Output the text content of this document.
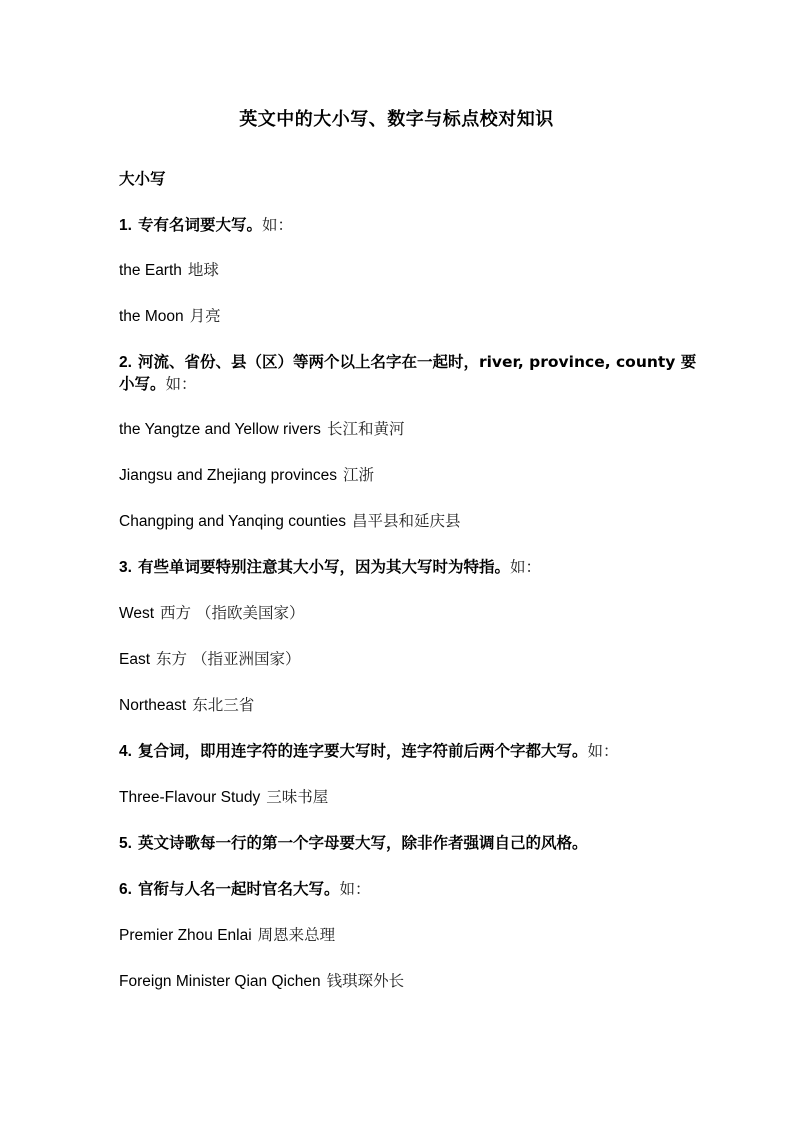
英文中的大小写、数字与标点校对知识
大小写
1. 专有名词要大写。如：
the Earth 地球
the Moon 月亮
2. 河流、省份、县（区）等两个以上名字在一起时，river, province, county 要
小写。如：
the Yangtze and Yellow rivers 长江和黄河
Jiangsu and Zhejiang provinces 江浙
Changping and Yanqing counties 昌平县和延庆县
3. 有些单词要特别注意其大小写，因为其大写时为特指。如：
West 西方 （指欧美国家）
East 东方 （指亚洲国家）
Northeast 东北三省
4. 复合词，即用连字符的连字要大写时，连字符前后两个字都大写。如：
Three-Flavour Study 三味书屋
5. 英文诗歌每一行的第一个字母要大写，除非作者强调自己的风格。
6. 官衔与人名一起时官名大写。如：
Premier Zhou Enlai 周恩来总理
Foreign Minister Qian Qichen 钱琪琛外长
